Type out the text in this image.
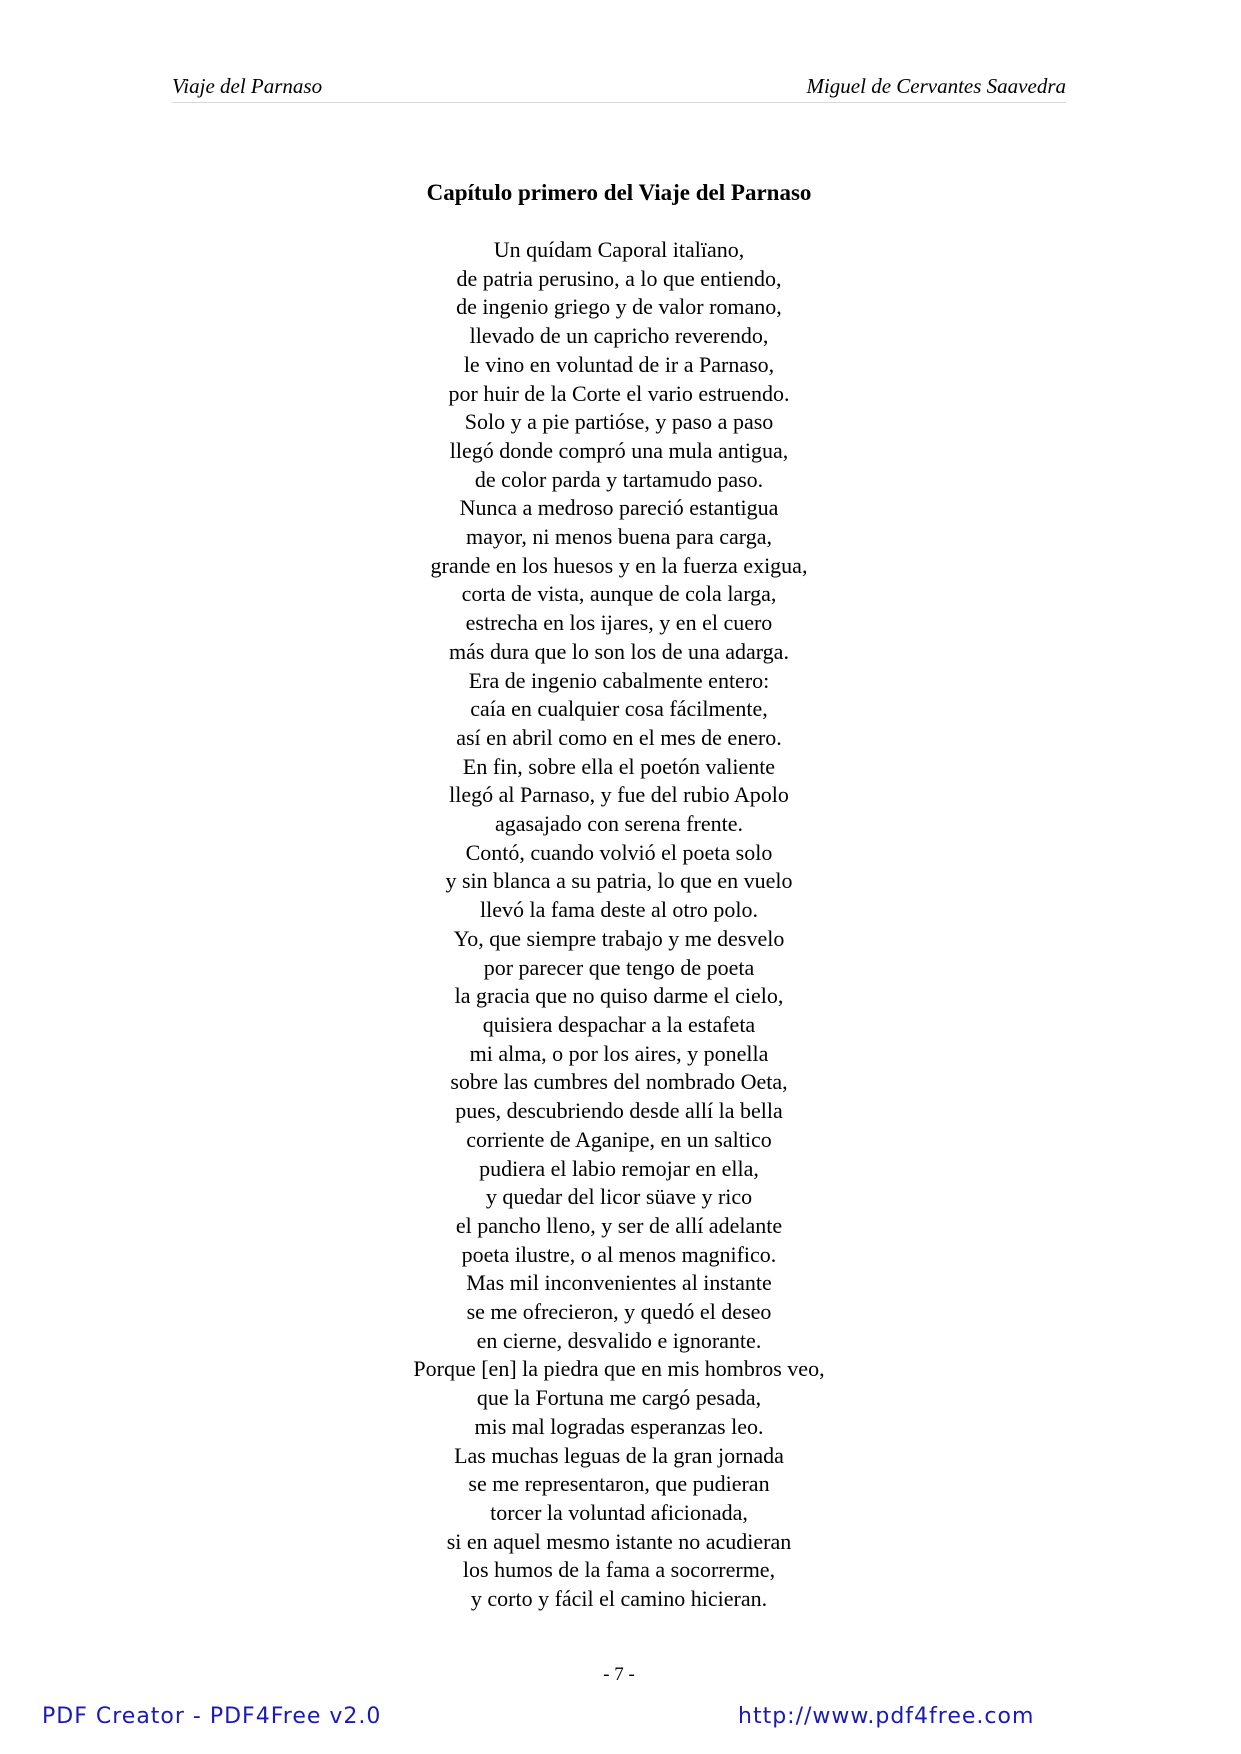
Viaje del Parnaso	Miguel de Cervantes Saavedra
Capítulo primero del Viaje del Parnaso
Un quídam Caporal italïano,
de patria perusino, a lo que entiendo,
de ingenio griego y de valor romano,
llevado de un capricho reverendo,
le vino en voluntad de ir a Parnaso,
por huir de la Corte el vario estruendo.
Solo y a pie partióse, y paso a paso
llegó donde compró una mula antigua,
de color parda y tartamudo paso.
Nunca a medroso pareció estantigua
mayor, ni menos buena para carga,
grande en los huesos y en la fuerza exigua,
corta de vista, aunque de cola larga,
estrecha en los ijares, y en el cuero
más dura que lo son los de una adarga.
Era de ingenio cabalmente entero:
caía en cualquier cosa fácilmente,
así en abril como en el mes de enero.
En fin, sobre ella el poetón valiente
llegó al Parnaso, y fue del rubio Apolo
agasajado con serena frente.
Contó, cuando volvió el poeta solo
y sin blanca a su patria, lo que en vuelo
llevó la fama deste al otro polo.
Yo, que siempre trabajo y me desvelo
por parecer que tengo de poeta
la gracia que no quiso darme el cielo,
quisiera despachar a la estafeta
mi alma, o por los aires, y ponella
sobre las cumbres del nombrado Oeta,
pues, descubriendo desde allí la bella
corriente de Aganipe, en un saltico
pudiera el labio remojar en ella,
y quedar del licor süave y rico
el pancho lleno, y ser de allí adelante
poeta ilustre, o al menos magnifico.
Mas mil inconvenientes al instante
se me ofrecieron, y quedó el deseo
en cierne, desvalido e ignorante.
Porque [en] la piedra que en mis hombros veo,
que la Fortuna me cargó pesada,
mis mal logradas esperanzas leo.
Las muchas leguas de la gran jornada
se me representaron, que pudieran
torcer la voluntad aficionada,
si en aquel mesmo istante no acudieran
los humos de la fama a socorrerme,
y corto y fácil el camino hicieran.
- 7 -
PDF Creator - PDF4Free v2.0	http://www.pdf4free.com
